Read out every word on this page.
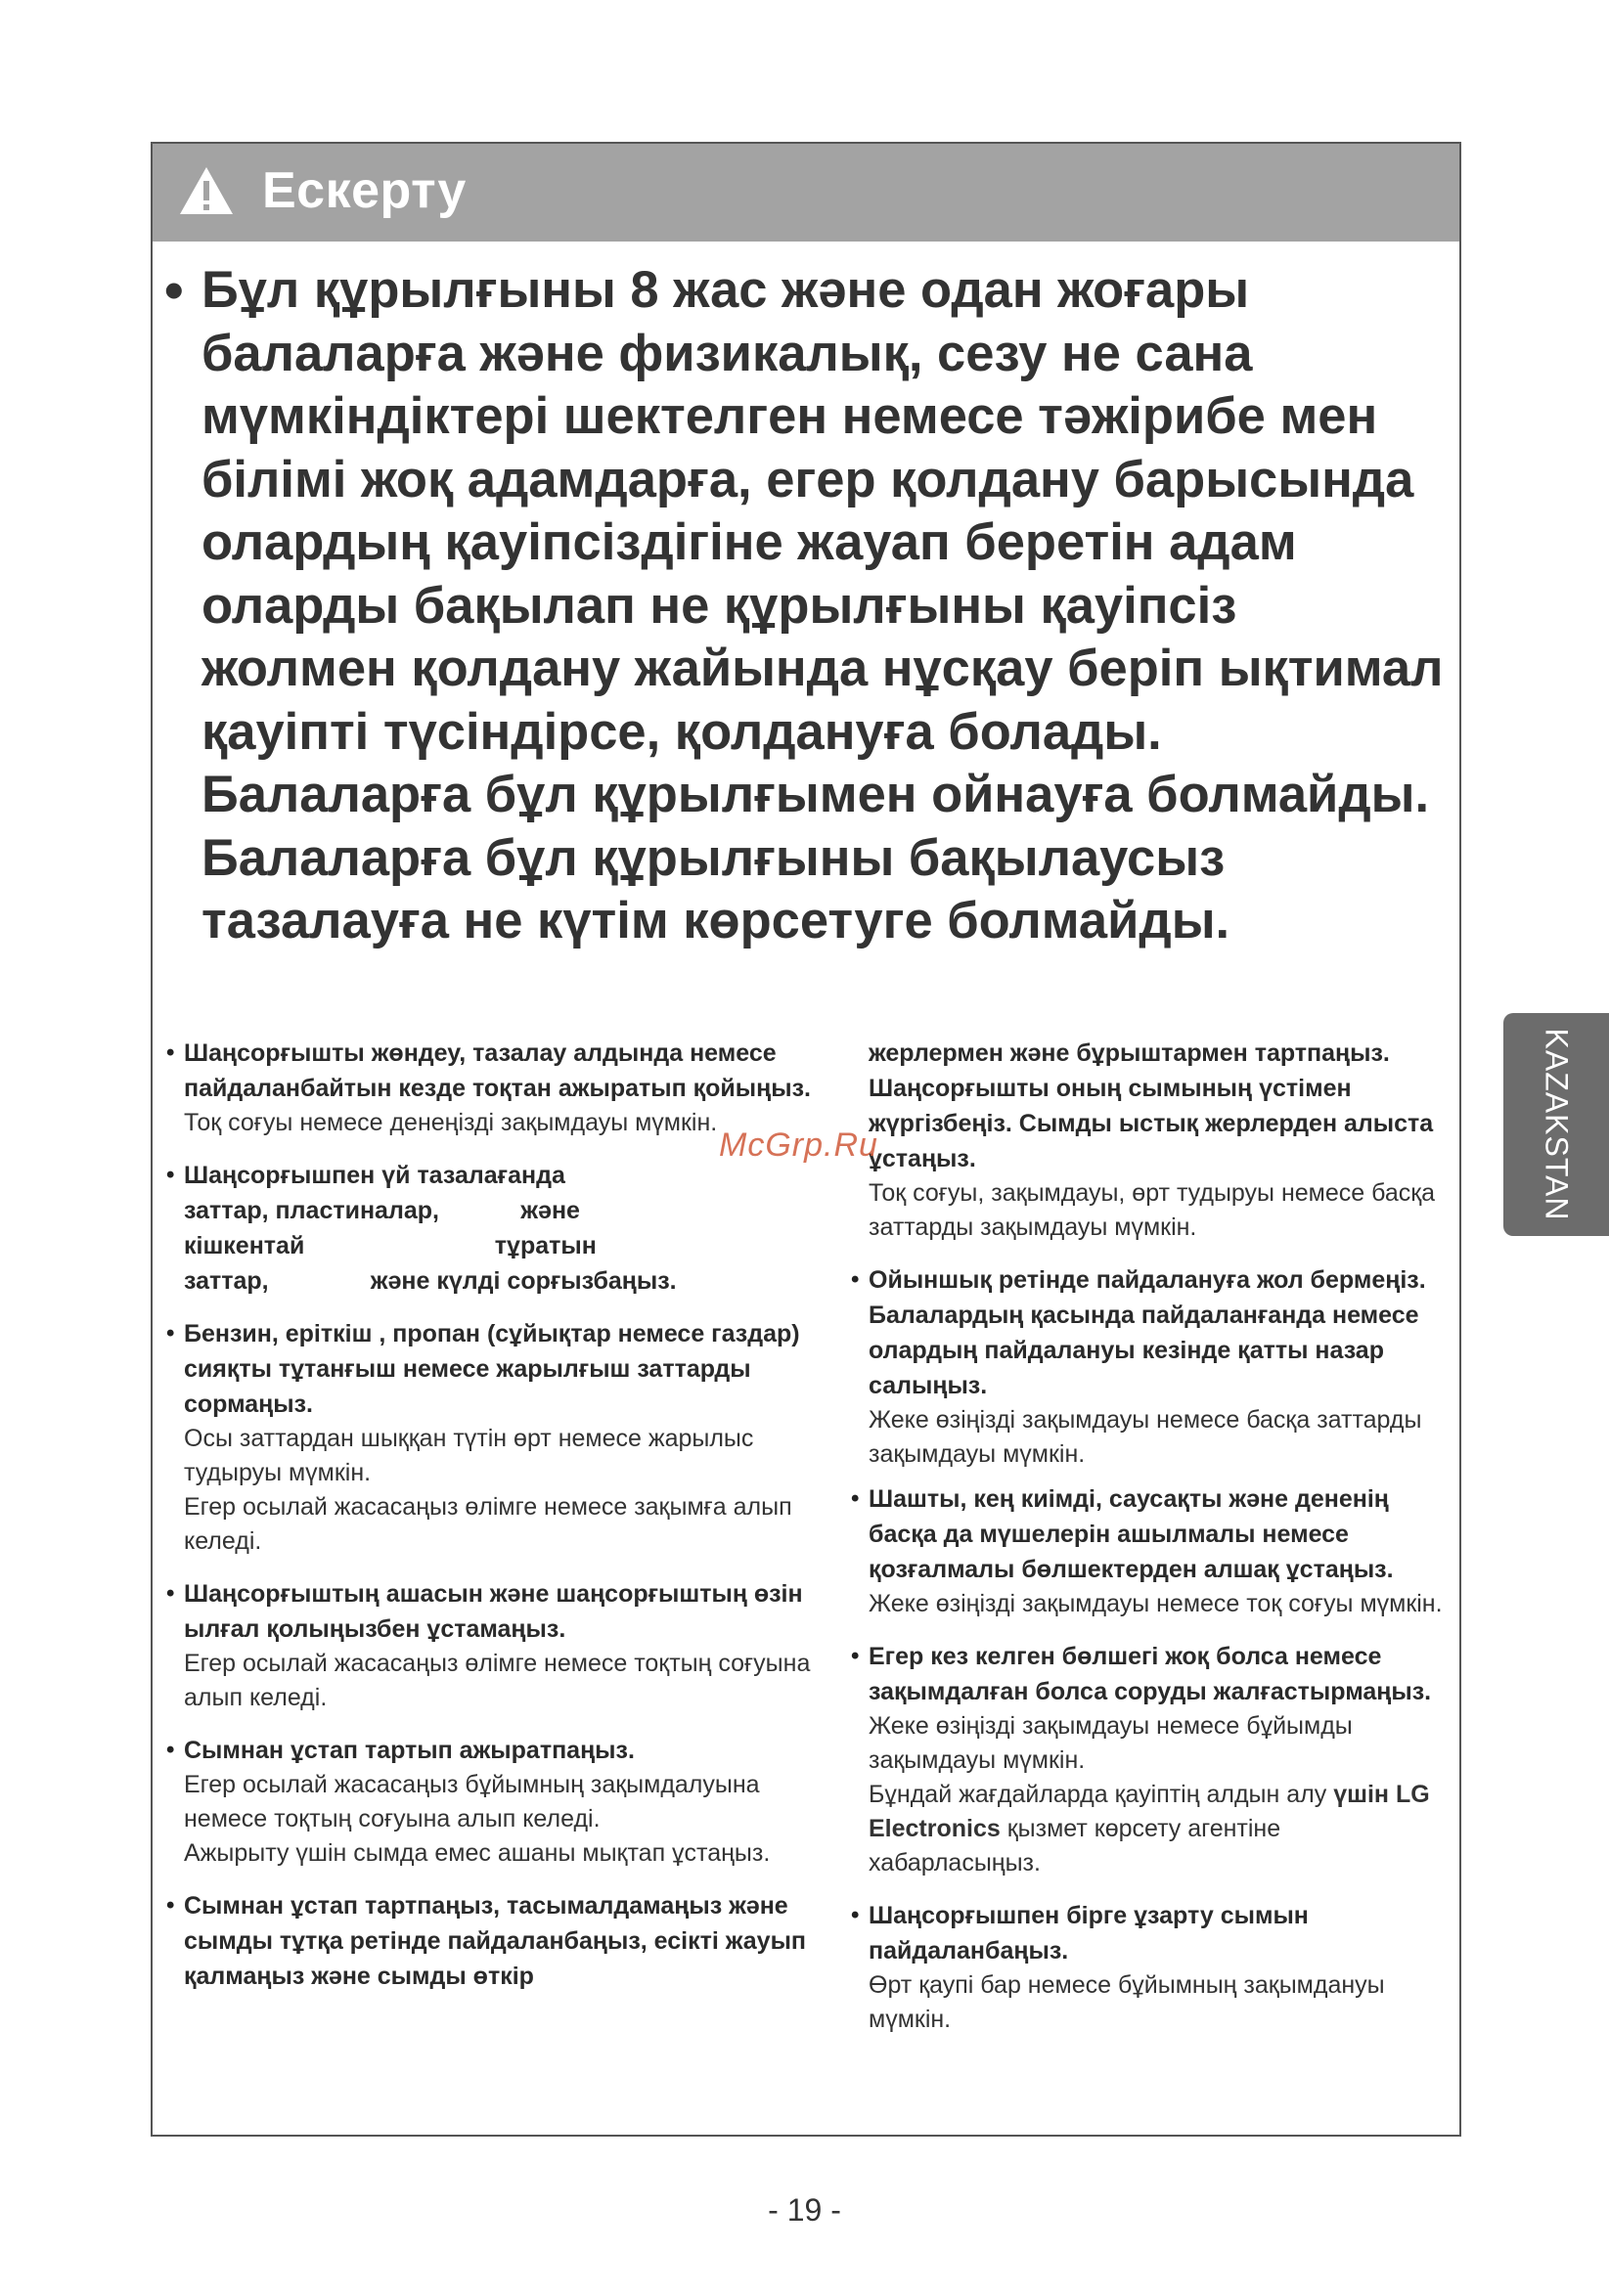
Ескерту
• Бұл құрылғыны 8 жас және одан жоғары балаларға және физикалық, сезу не сана мүмкіндіктері шектелген немесе тәжірибе мен білімі жоқ адамдарға, егер қолдану барысында олардың қауіпсіздігіне жауап беретін адам оларды бақылап не құрылғыны қауіпсіз жолмен қолдану жайында нұсқау беріп ықтимал қауіпті түсіндірсе, қолдануға болады. Балаларға бұл құрылғымен ойнауға болмайды. Балаларға бұл құрылғыны бақылаусыз тазалауға не күтім көрсетуге болмайды.

• Шаңсорғышты жөндеу, тазалау алдында немесе пайдаланбайтын кезде тоқтан ажыратып қойыңыз.
Тоқ соғуы немесе денеңізді зақымдауы мүмкін.
• Шаңсорғышпен үй тазалағанда
заттар, пластиналар,            және
кішкентай                            тұратын
заттар,               және күлді сорғызбаңыз.
• Бензин, еріткіш , пропан (сұйықтар немесе газдар) сияқты тұтанғыш немесе жарылғыш заттарды сормаңыз.
Осы заттардан шыққан түтін өрт немесе жарылыс тудыруы мүмкін.
Егер осылай жасасаңыз өлімге немесе зақымға алып келеді.
• Шаңсорғыштың ашасын және шаңсорғыштың өзін ылғал қолыңызбен ұстамаңыз.
Егер осылай жасасаңыз өлімге немесе тоқтың соғуына алып келеді.
• Сымнан ұстап тартып ажыратпаңыз.
Егер осылай жасасаңыз бұйымның зақымдалуына немесе тоқтың соғуына алып келеді.
Ажырыту үшін сымда емес ашаны мықтап ұстаңыз.
• Сымнан ұстап тартпаңыз, тасымалдамаңыз және сымды тұтқа ретінде пайдаланбаңыз, есікті жауып қалмаңыз және сымды өткір
жерлермен және бұрыштармен тартпаңыз. Шаңсорғышты оның сымының үстімен жүргізбеңіз. Сымды ыстық жерлерден алыста ұстаңыз.
Тоқ соғуы, зақымдауы, өрт тудыруы немесе басқа заттарды зақымдауы мүмкін.
• Ойыншық ретінде пайдалануға жол бермеңіз. Балалардың қасында пайдаланғанда немесе олардың пайдалануы кезінде қатты назар салыңыз.
Жеке өзіңізді зақымдауы немесе басқа заттарды зақымдауы мүмкін.
• Шашты, кең киімді, саусақты және дененің басқа да мүшелерін ашылмалы немесе қозғалмалы бөлшектерден алшақ ұстаңыз.
Жеке өзіңізді зақымдауы немесе тоқ соғуы мүмкін.
• Егер кез келген бөлшегі жоқ болса немесе зақымдалған болса соруды жалғастырмаңыз.
Жеке өзіңізді зақымдауы немесе бұйымды зақымдауы мүмкін.
Бұндай жағдайларда қауіптің алдын алу үшін LG Electronics қызмет көрсету агентіне хабарласыңыз.
• Шаңсорғышпен бірге ұзарту сымын пайдаланбаңыз.
Өрт қаупі бар немесе бұйымның зақымдануы мүмкін.
McGrp.Ru	KAZAKSTAN
- 19 -
